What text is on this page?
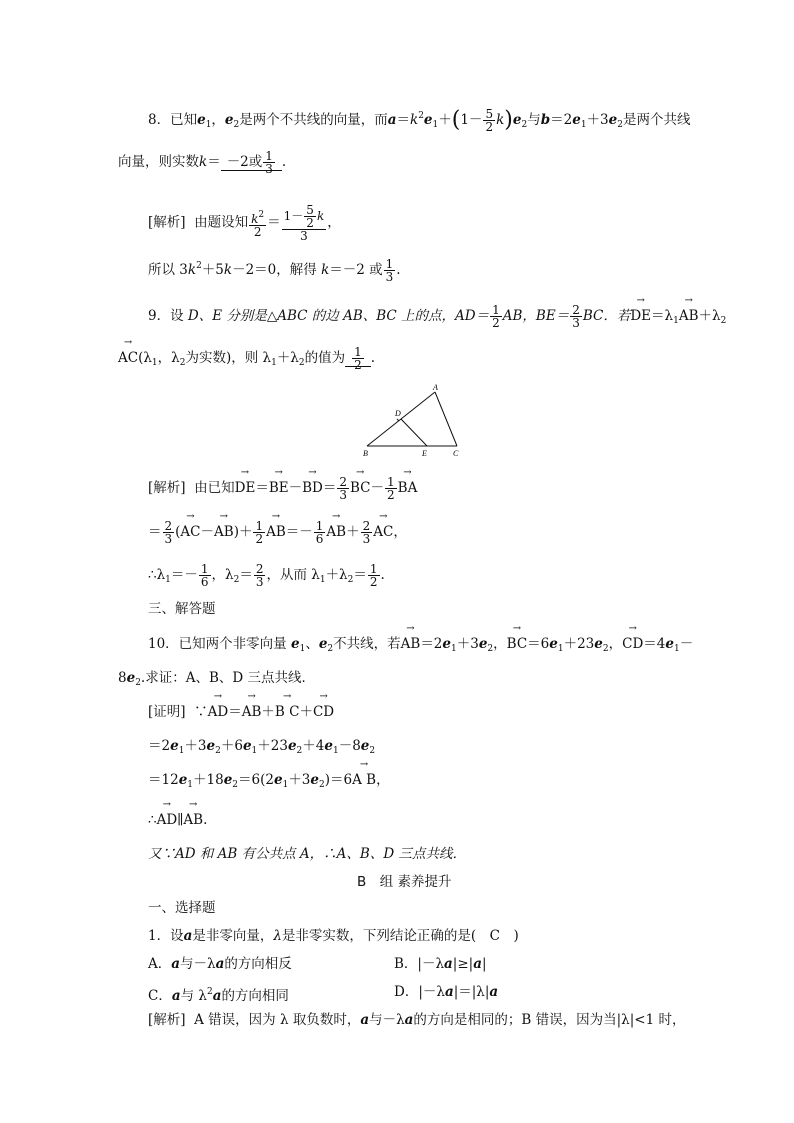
8．已知$e_1$，$e_2$是两个不共线的向量，而$a=k^2e_1+(1- \frac{5}{2} k)e_2$与$b=2e_1+3e_2$是两个共线
向量，则实数k＝ －2或 $\frac{1}{3}$ .
[解析] 由题设知 $\frac{k^2}{2} = \frac{1- \frac{5}{2} k}{3}$ ，
所以 $3k^2+5k-2=0$，解得 k＝－2 或 $\frac{1}{3}$ .
9．设 D、E 分别是△ABC 的边 AB、BC 上的点，$AD= \frac{1}{2}$ AB，$BE= \frac{2}{3}$ BC．若→ $DE=\lambda_1\to AB+\lambda_2$
→ $AC(\lambda_1$，$\lambda_2$为实数)，则 $\lambda_1+\lambda_2$的值为 $\frac{1}{2}$ .
A
B	C
D
E
[解析] 由已知→ $DE=\to BE-\to BD= \frac{2}{3}$
→ $BC- \frac{1}{2}$
→ BA
＝ $\frac{2}{3}$ (→ $AC-\to AB)+ \frac{1}{2}$
→ $AB=- \frac{1}{6}$
→ $AB+ \frac{2}{3}$
→ AC，
$\therefore\lambda_1=- \frac{1}{6}$ ，$\lambda_2= \frac{2}{3}$ ，从而 $\lambda_1+\lambda_2= \frac{1}{2}$ .
三、解答题
10．已知两个非零向量 $e_1$、$e_2$不共线，若→ $AB=2e_1+3e_2$，→ $BC=6e_1+23e_2$，→ $CD=4e_1-$
$8e_2$.求证：A、B、D 三点共线．
[证明] ∵→ AD＝→ AB＋→ B C＋→ CD
$=2e_1+3e_2+6e_1+23e_2+4e_1-8e_2$
$=12e_1+18e_2=6(2e_1+3e_2)=6\to A$ B，
∴→ AD∥→ AB.
又∵AD 和 AB 有公共点 A，∴A、B、D 三点共线．
B　组 素养提升
一、选择题
1．设a是非零向量，λ是非零实数，下列结论正确的是(　C　)
A．a与－λa的方向相反	B．|－λa|≥|a|
C．a与 $\lambda^2a$的方向相同	D．|－λa|＝|λ|a
[解析] A 错误，因为 λ 取负数时，a与－λa的方向是相同的；B 错误，因为当|λ|<1 时，
